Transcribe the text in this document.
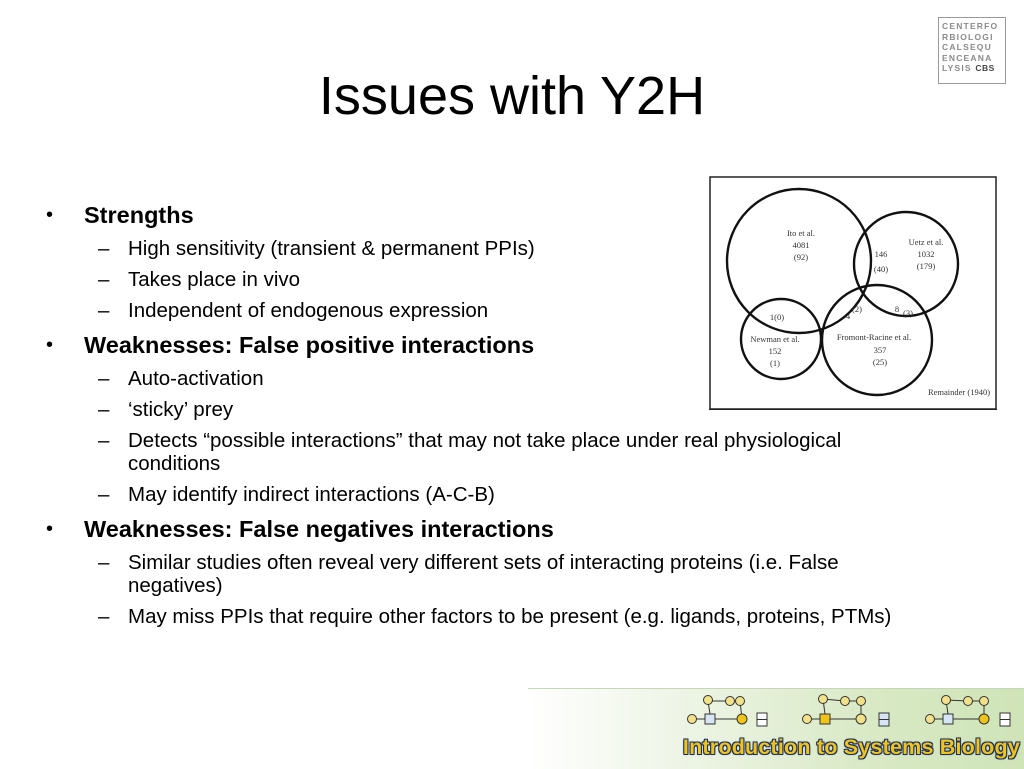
Issues with Y2H
CENTERFO
RBIOLOGI
CALSEQU
ENCEANA
LYSIS CBS
• Strengths
– High sensitivity (transient & permanent PPIs)
– Takes place in vivo
– Independent of endogenous expression
• Weaknesses: False positive interactions
– Auto-activation
– ‘sticky’ prey
– Detects “possible interactions” that may not take place under real physiological conditions
– May identify indirect interactions (A-C-B)
• Weaknesses: False negatives interactions
– Similar studies often reveal very different sets of interacting proteins (i.e. False negatives)
– May miss PPIs that require other factors to be present (e.g. ligands, proteins, PTMs)
Ito et al.
4081
(92)
Uetz et al.
1032
(179)
146
(40)
1(0)
Newman et al.
152
(1)
4
(2)	8 (3)
Fromont-Racine et al.
357
(25)
Remainder (1940)
Introduction to Systems Biology
